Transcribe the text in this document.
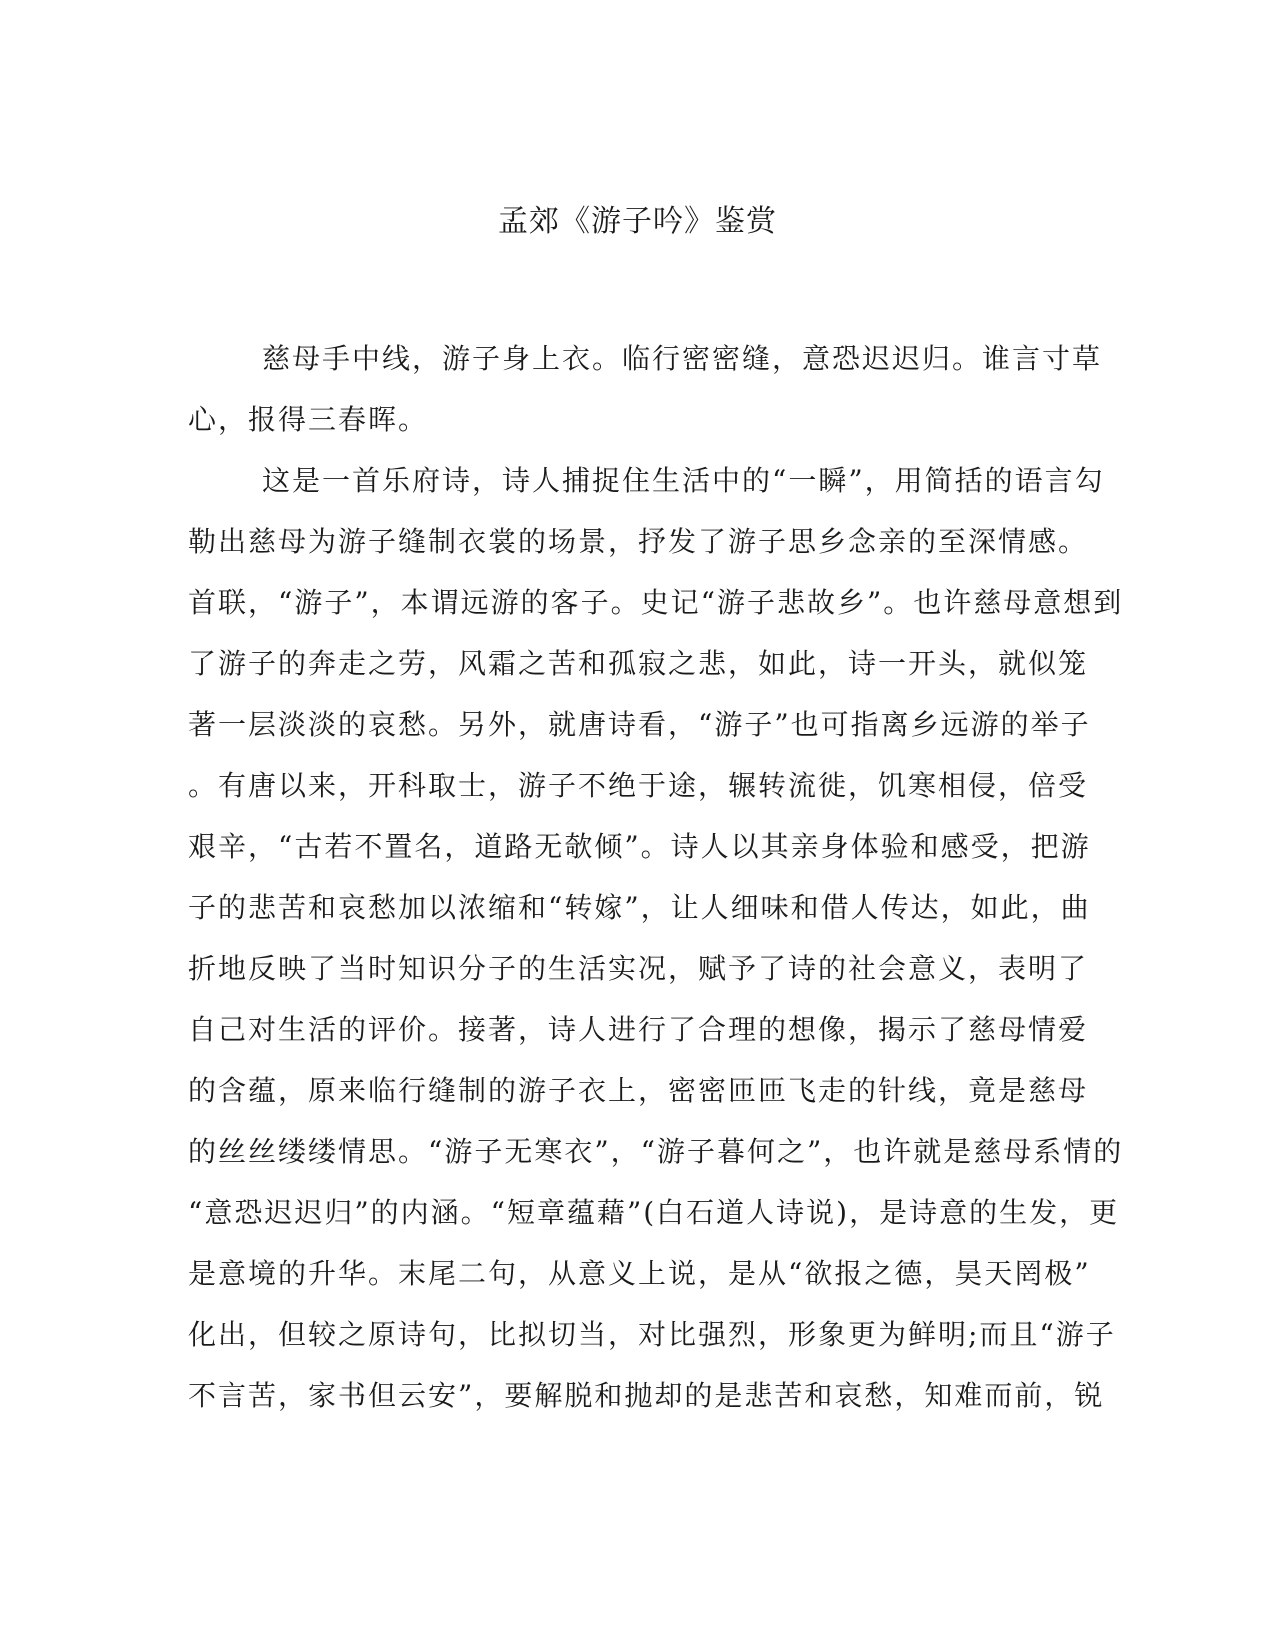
孟郊《游子吟》鉴赏
慈母手中线，游子身上衣。临行密密缝，意恐迟迟归。谁言寸草
心，报得三春晖。
这是一首乐府诗，诗人捕捉住生活中的“一瞬”，用简括的语言勾
勒出慈母为游子缝制衣裳的场景，抒发了游子思乡念亲的至深情感。
首联，“游子”，本谓远游的客子。史记“游子悲故乡”。也许慈母意想到
了游子的奔走之劳，风霜之苦和孤寂之悲，如此，诗一开头，就似笼
著一层淡淡的哀愁。另外，就唐诗看，“游子”也可指离乡远游的举子
。有唐以来，开科取士，游子不绝于途，辗转流徙，饥寒相侵，倍受
艰辛，“古若不置名，道路无欹倾”。诗人以其亲身体验和感受，把游
子的悲苦和哀愁加以浓缩和“转嫁”，让人细味和借人传达，如此，曲
折地反映了当时知识分子的生活实况，赋予了诗的社会意义，表明了
自己对生活的评价。接著，诗人进行了合理的想像，揭示了慈母情爱
的含蕴，原来临行缝制的游子衣上，密密匝匝飞走的针线，竟是慈母
的丝丝缕缕情思。“游子无寒衣”，“游子暮何之”，也许就是慈母系情的
“意恐迟迟归”的内涵。“短章蕴藉”(白石道人诗说)，是诗意的生发，更
是意境的升华。末尾二句，从意义上说，是从“欲报之德，昊天罔极”
化出，但较之原诗句，比拟切当，对比强烈，形象更为鲜明;而且“游子
不言苦，家书但云安”，要解脱和抛却的是悲苦和哀愁，知难而前，锐
